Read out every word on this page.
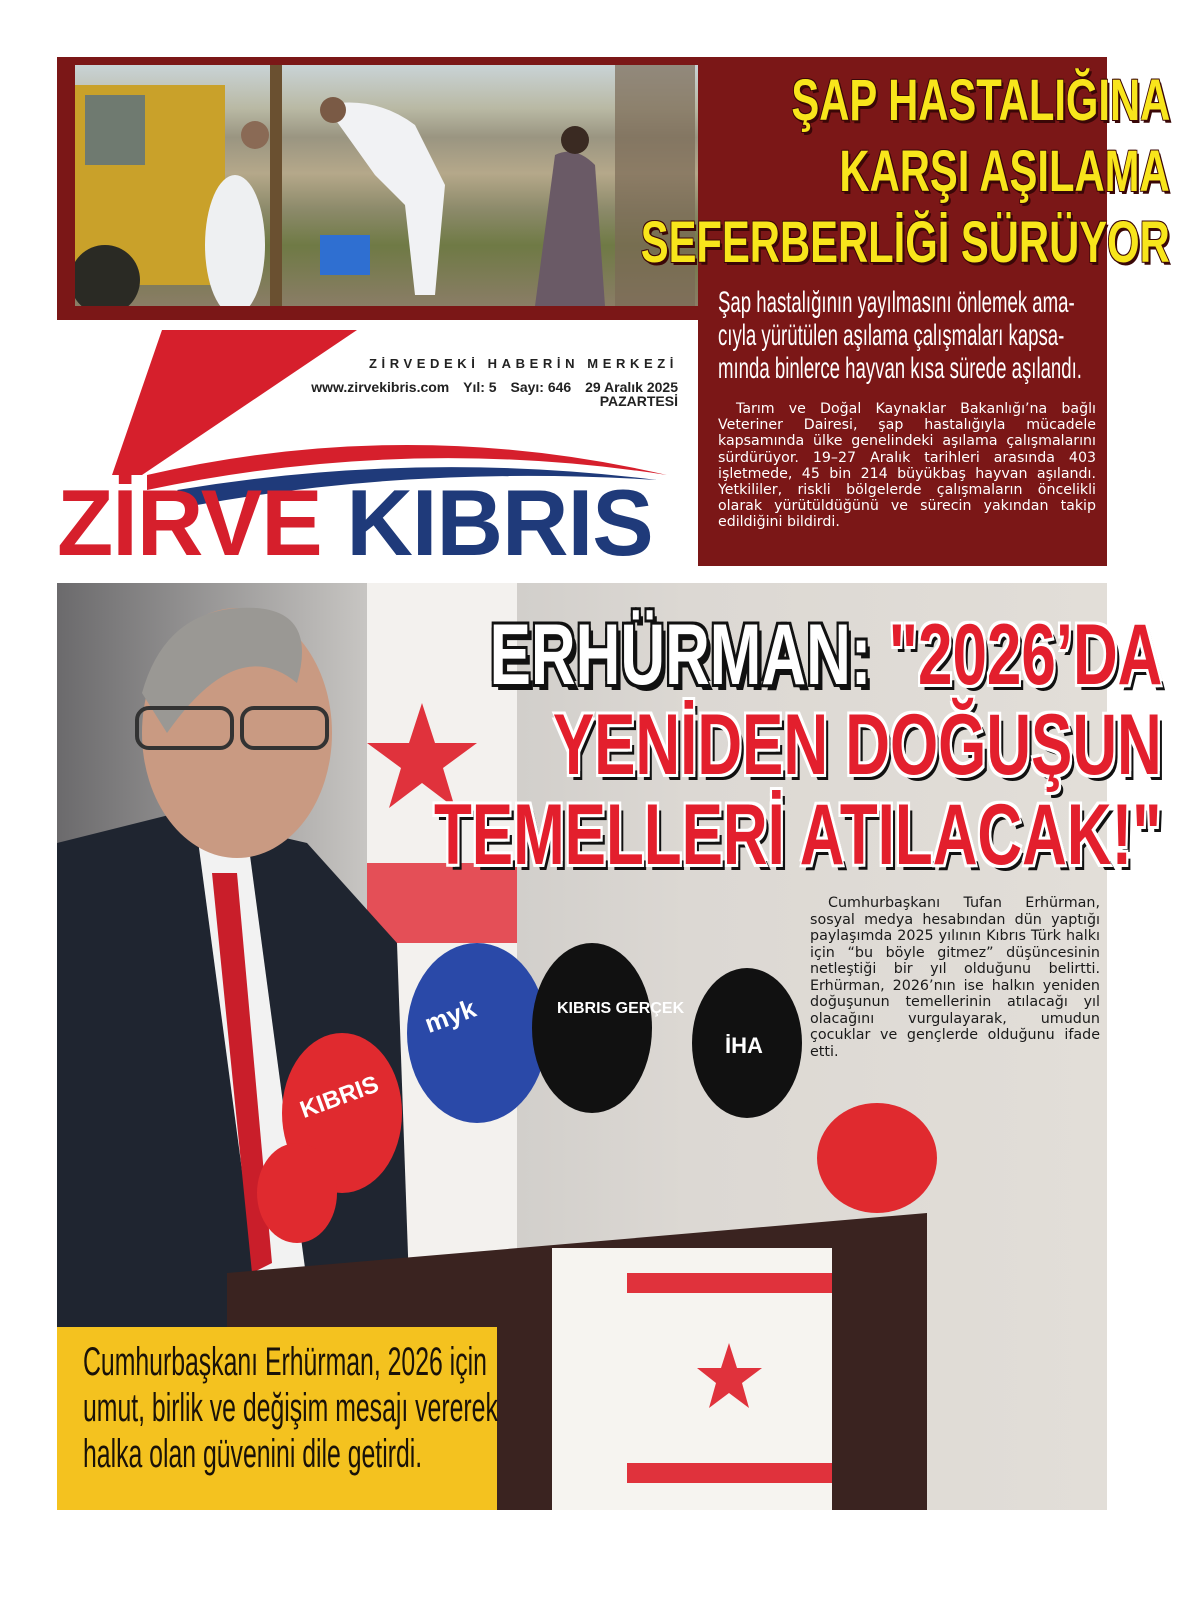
ŞAP HASTALIĞINA
KARŞI AŞILAMA
SEFERBERLİĞİ SÜRÜYOR
Şap hastalığının yayılmasını önlemek ama-
cıyla yürütülen aşılama çalışmaları kapsa-
mında binlerce hayvan kısa sürede aşılandı.

Tarım ve Doğal Kaynaklar Bakanlığı’na bağlı Veteriner Dairesi, şap hastalığıyla mücadele kapsamında ülke genelindeki aşılama çalışmalarını sürdürüyor. 19–27 Aralık tarihleri arasında 403 işletmede, 45 bin 214 büyükbaş hayvan aşılandı. Yetkililer, riskli bölgelerde çalışmaların öncelikli olarak yürütüldüğünü ve sürecin yakından takip edildiğini bildirdi.

ZİRVE KIBRIS
ZİRVEDEKİ HABERİN MERKEZİ
www.zirvekibris.com Yıl: 5 Sayı: 646 29 Aralık 2025
PAZARTESİ
KIBRIS
myk	KIBRIS GERÇEK
İHA
ERHÜRMAN: "2026’DA
YENİDEN DOĞUŞUN
TEMELLERİ ATILACAK!"

Cumhurbaşkanı Tufan Erhürman, sosyal medya hesabından dün yaptığı paylaşımda 2025 yılının Kıbrıs Türk halkı için “bu böyle gitmez” düşüncesinin netleştiği bir yıl olduğunu belirtti. Erhürman, 2026’nın ise halkın yeniden doğuşunun temellerinin atılacağı yıl olacağını vurgulayarak, umudun çocuklar ve gençlerde olduğunu ifade etti.

Cumhurbaşkanı Erhürman, 2026 için
umut, birlik ve değişim mesajı vererek
halka olan güvenini dile getirdi.
